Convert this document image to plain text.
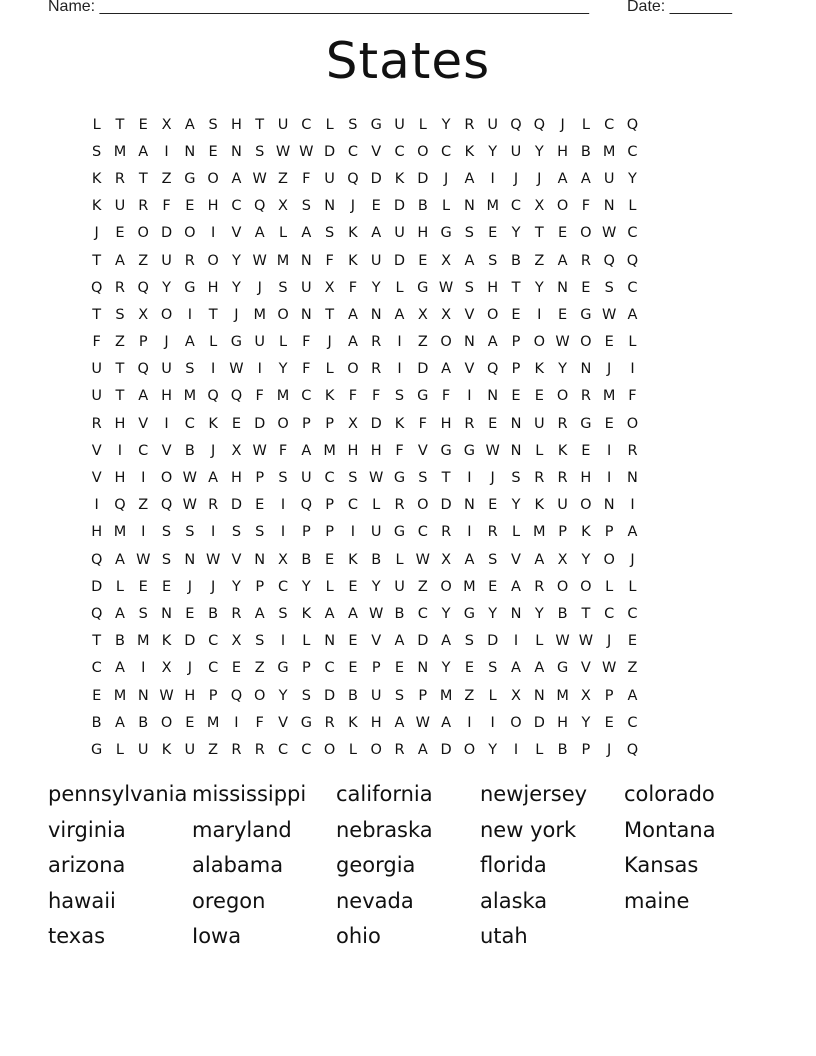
Name: _______________________________________________________ Date: _______
States
L	T E X A S H T U C L	S G U L	Y R U Q Q	J	L C Q
S M A	I	N E N S W W D C V C O C K Y U Y H B M C
K R T Z G O A W Z F U Q D K D	J	A	I	J	J	A A U Y
K U R F	E H C Q X S N	J	E D B L N M C X O F N L
J	E O D O	I	V A L A S K A U H G S E Y T E O W C
T A Z U R O Y W M N F K U D E X A S B Z A R Q Q
Q R Q Y G H Y	J	S U X F	Y	L G W S H T Y N E S C
T S X O	I	T	J	M O N T A N A X X V O E	I	E G W A
F Z P	J	A L G U L	F	J	A R	I	Z O N A P O W O E	L
U T Q U S	I W I	Y	F	L O R	I	D A V Q P K Y N	J	I
U T A H M Q Q F M C K F	F	S G F	I	N E E O R M F
R H V	I	C K E D O P	P X D K F H R E N U R G E O
V	I	C V B	J	X W F A M H H F V G G W N L	K E	I	R
V H	I	O W A H P S U C S W G S T	I	J	S R R H	I	N
I	Q Z Q W R D E	I	Q P C L R O D N E Y K U O N	I
H M	I	S S	I	S S	I	P	P	I	U G C R	I	R L M P K P A
Q A W S N W V N X B E K B L W X A S V A X Y O	J
D L	E E	J	J	Y P C Y	L	E Y U Z O M E A R O O L	L
Q A S N E B R A S K A A W B C Y G Y N Y B T C C
T B M K D C X S	I	L N E V A D A S D	I	L W W J	E
C A	I	X	J	C E Z G P C E P E N Y E S A A G V W Z
E M N W H P Q O Y S D B U S P M Z L X N M X P A
B A B O E M	I	F V G R K H A W A	I	I	O D H Y E C
G L U K U Z R R C C O L O R A D O Y	I	L B P	J	Q
pennsylvania mississippi	california	newjersey	colorado
virginia	maryland	nebraska	new york	Montana
arizona	alabama	georgia	florida	Kansas
hawaii	oregon	nevada	alaska	maine
texas	Iowa	ohio	utah
